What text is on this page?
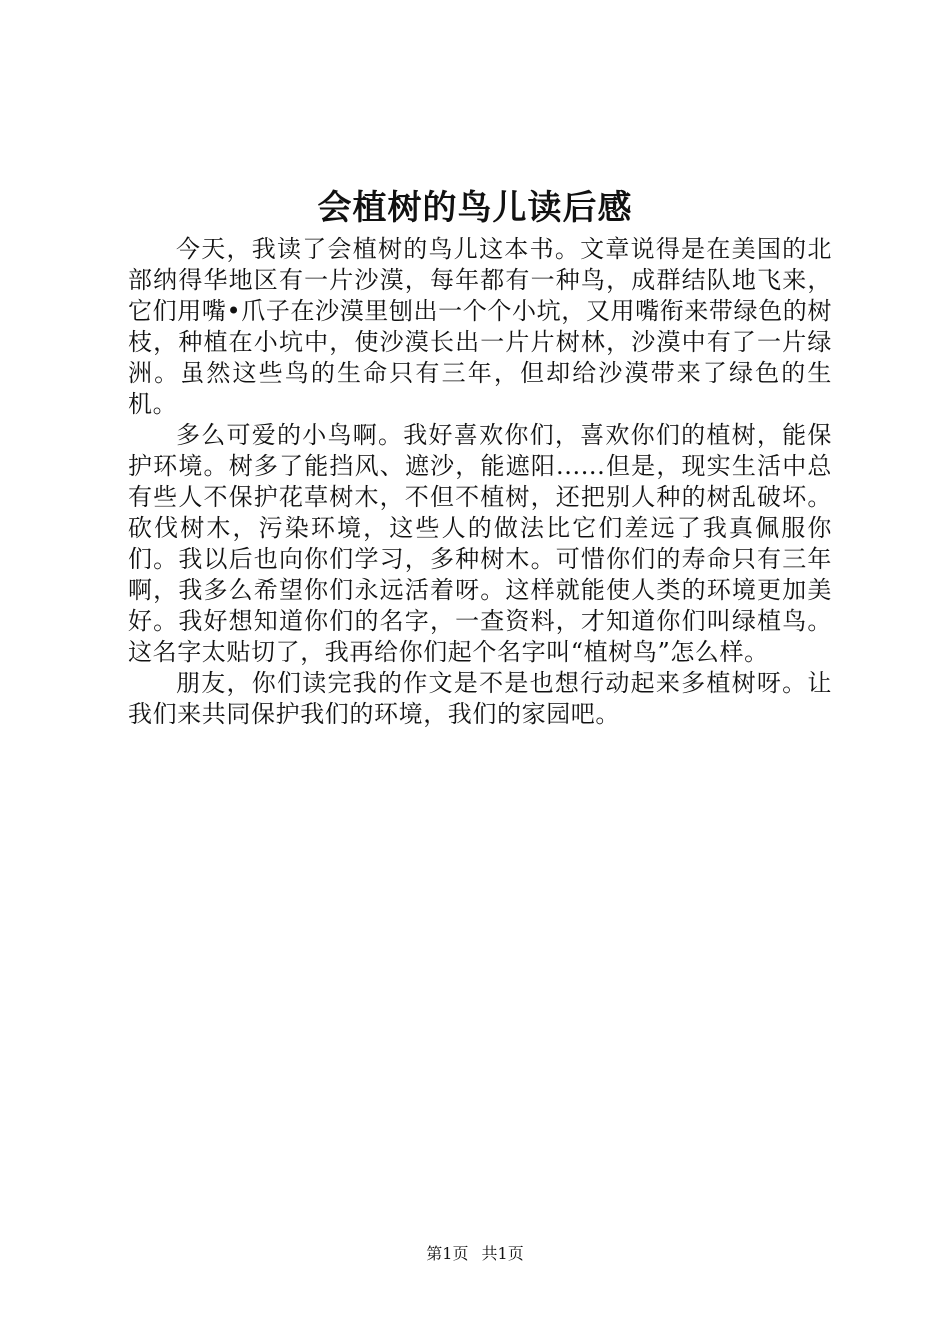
会植树的鸟儿读后感

今天，我读了会植树的鸟儿这本书。文章说得是在美国的北部纳得华地区有一片沙漠，每年都有一种鸟，成群结队地飞来，它们用嘴•爪子在沙漠里刨出一个个小坑，又用嘴衔来带绿色的树枝，种植在小坑中，使沙漠长出一片片树林，沙漠中有了一片绿洲。虽然这些鸟的生命只有三年，但却给沙漠带来了绿色的生机。

多么可爱的小鸟啊。我好喜欢你们，喜欢你们的植树，能保护环境。树多了能挡风、遮沙，能遮阳......但是，现实生活中总有些人不保护花草树木，不但不植树，还把别人种的树乱破坏。砍伐树木，污染环境，这些人的做法比它们差远了我真佩服你们。我以后也向你们学习，多种树木。可惜你们的寿命只有三年啊，我多么希望你们永远活着呀。这样就能使人类的环境更加美好。我好想知道你们的名字，一查资料，才知道你们叫绿植鸟。这名字太贴切了，我再给你们起个名字叫“植树鸟”怎么样。

朋友，你们读完我的作文是不是也想行动起来多植树呀。让我们来共同保护我们的环境，我们的家园吧。

第1页 共1页
